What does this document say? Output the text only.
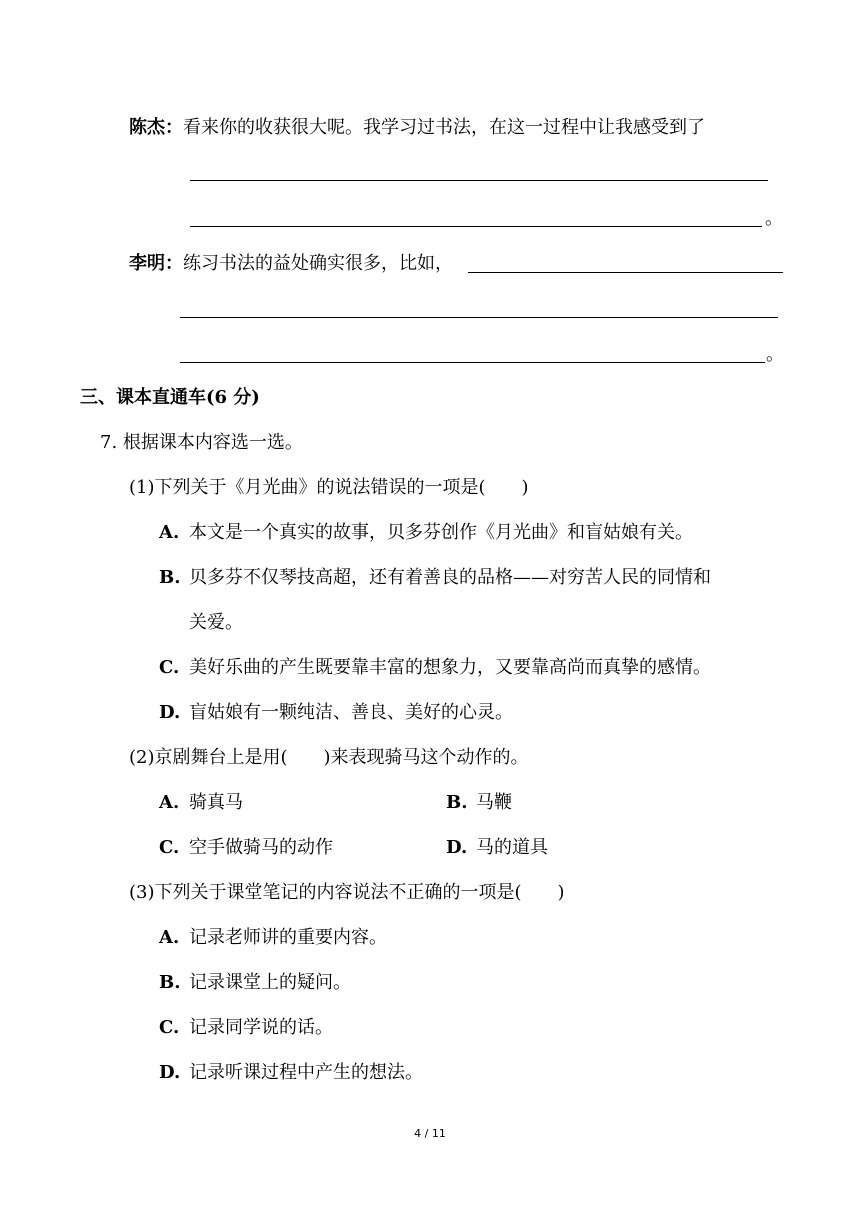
陈杰：看来你的收获很大呢。我学习过书法，在这一过程中让我感受到了
。
李明：练习书法的益处确实很多，比如，
。
三、课本直通车(6 分)
7. 根据课本内容选一选。
(1)下列关于《月光曲》的说法错误的一项是( )
A. 本文是一个真实的故事，贝多芬创作《月光曲》和盲姑娘有关。
B. 贝多芬不仅琴技高超，还有着善良的品格——对穷苦人民的同情和
关爱。
C. 美好乐曲的产生既要靠丰富的想象力，又要靠高尚而真挚的感情。
D. 盲姑娘有一颗纯洁、善良、美好的心灵。
(2)京剧舞台上是用( )来表现骑马这个动作的。
A. 骑真马	B. 马鞭
C. 空手做骑马的动作	D. 马的道具
(3)下列关于课堂笔记的内容说法不正确的一项是( )
A. 记录老师讲的重要内容。
B. 记录课堂上的疑问。
C. 记录同学说的话。
D. 记录听课过程中产生的想法。
4 / 11
